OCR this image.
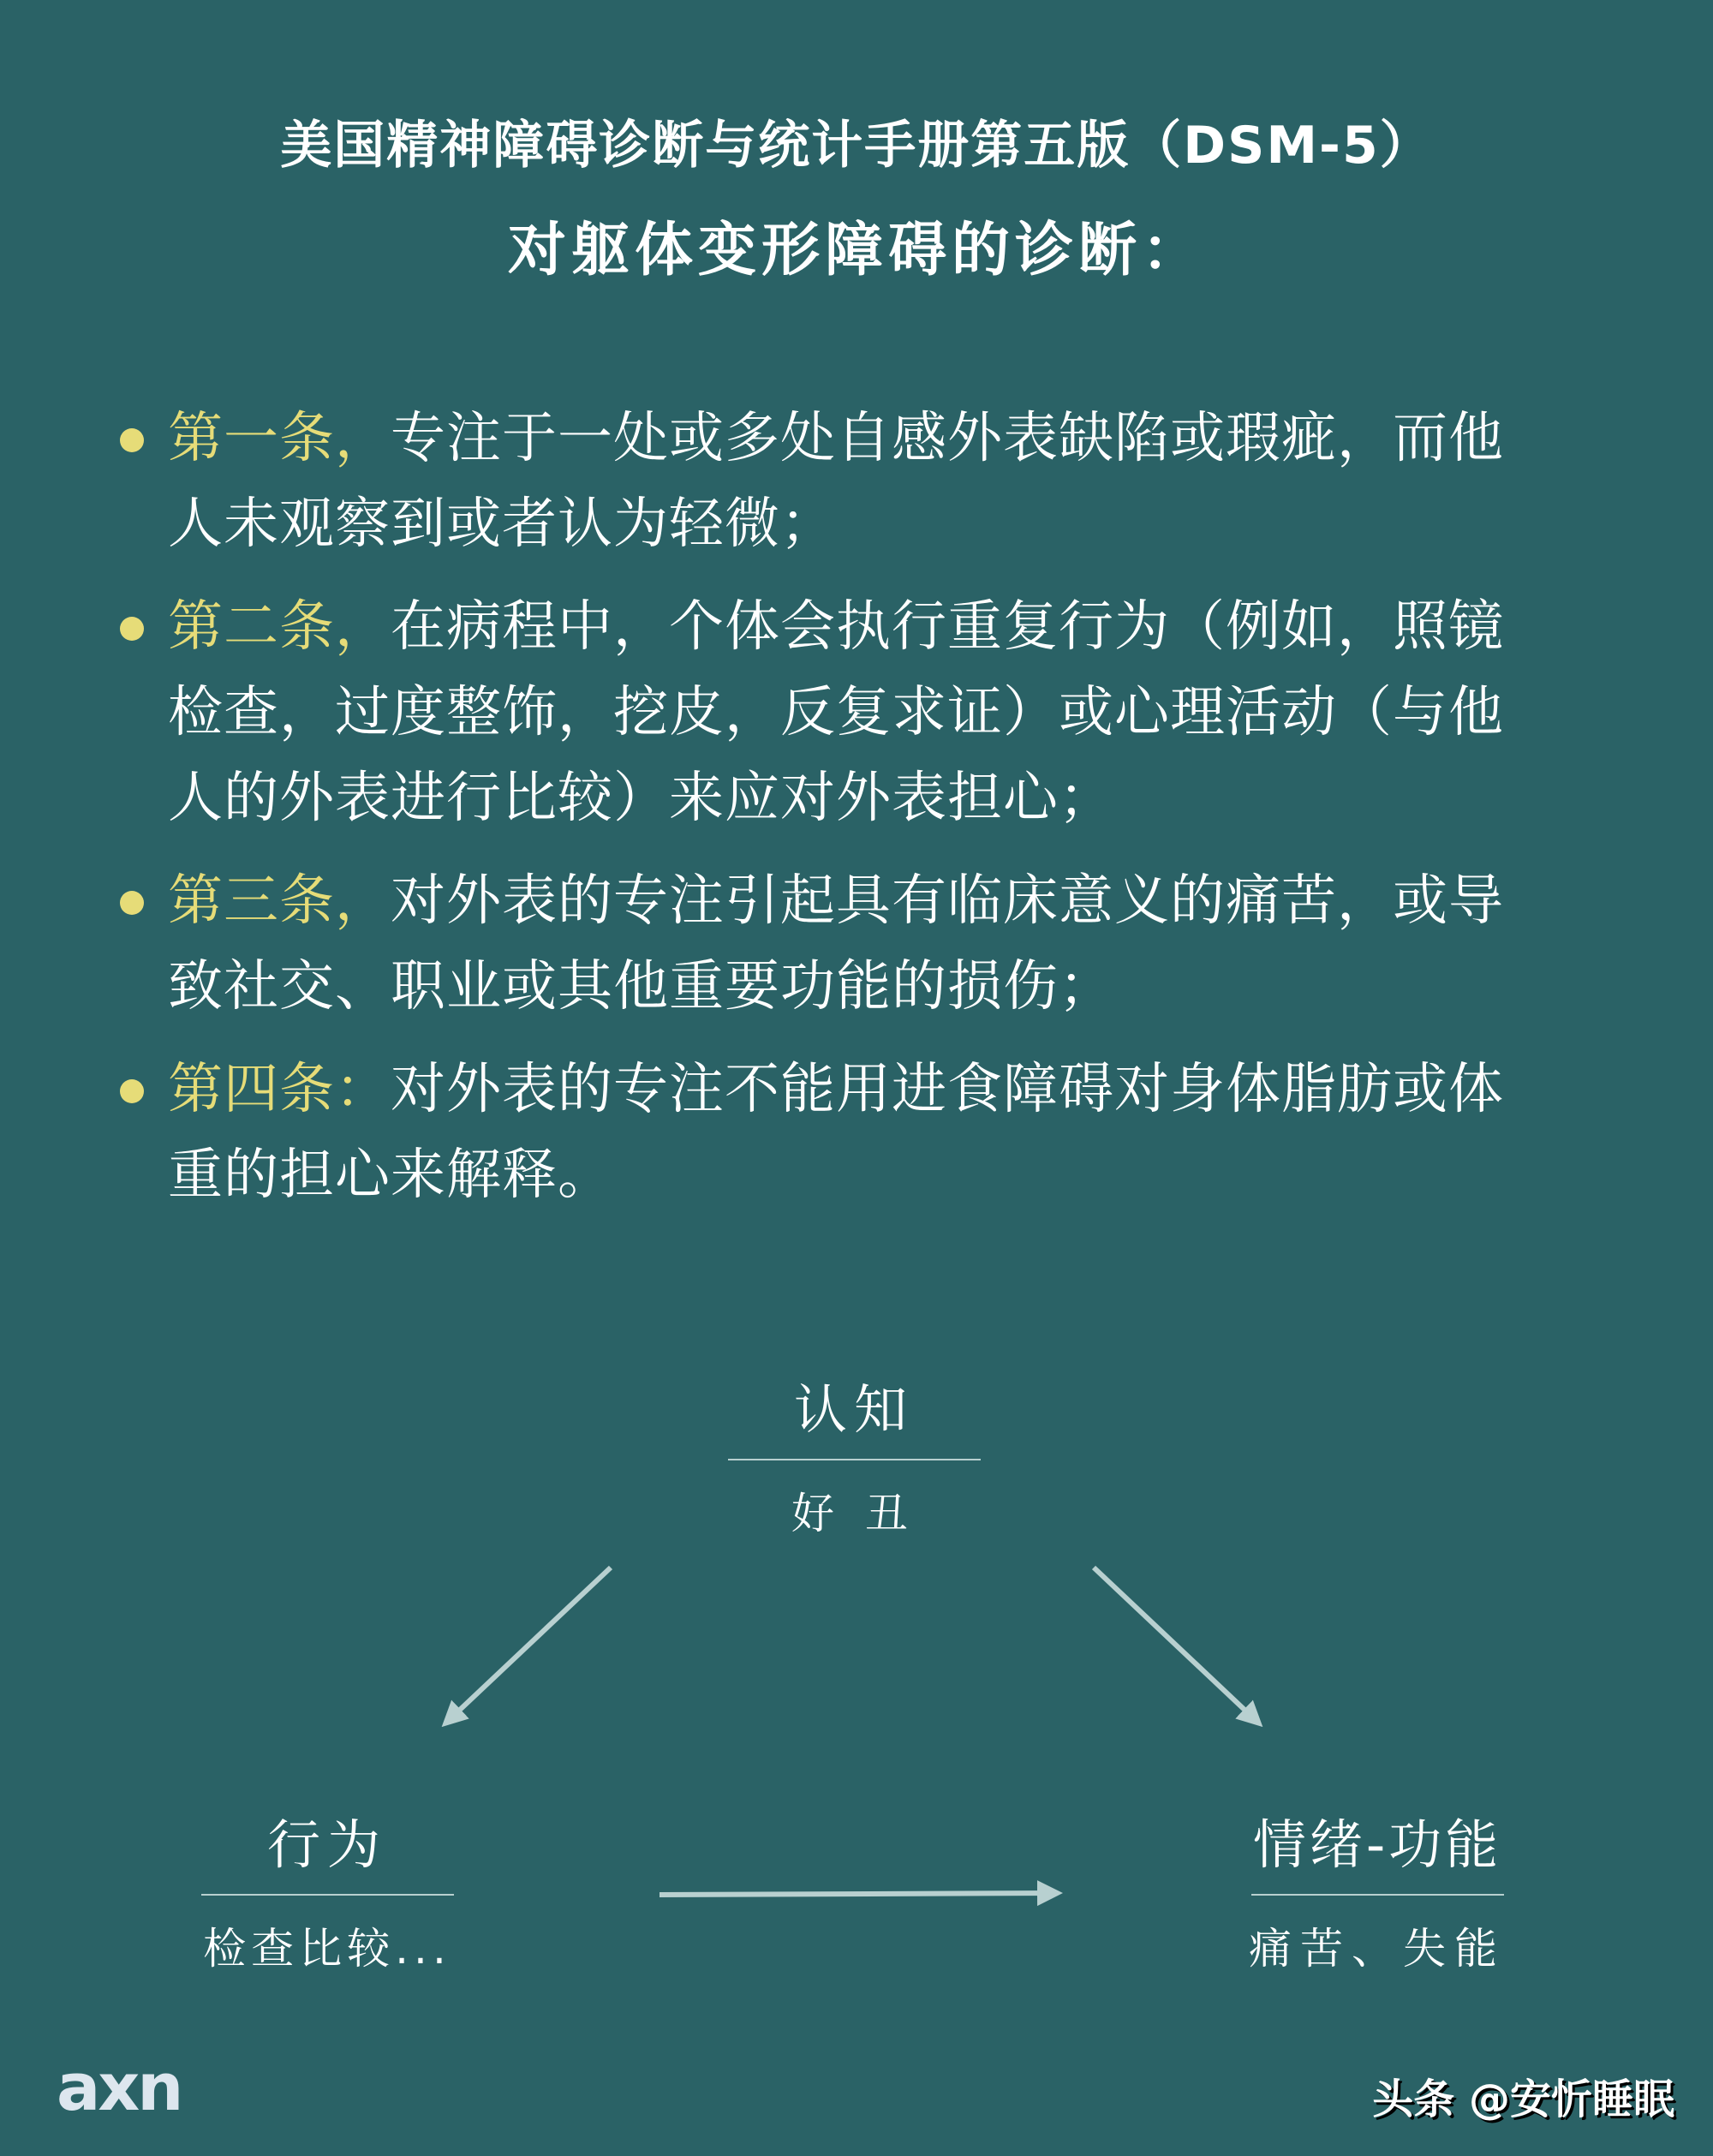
美国精神障碍诊断与统计手册第五版（DSM-5）
对躯体变形障碍的诊断：
第一条，专注于一处或多处自感外表缺陷或瑕疵，而他
人未观察到或者认为轻微；
第二条，在病程中，个体会执行重复行为（例如，照镜
检查，过度整饰，挖皮，反复求证）或心理活动（与他
人的外表进行比较）来应对外表担心；
第三条，对外表的专注引起具有临床意义的痛苦，或导
致社交、职业或其他重要功能的损伤；
第四条：对外表的专注不能用进食障碍对身体脂肪或体
重的担心来解释。
认知
好 丑
行为
检查比较...
情绪-功能
痛苦、失能
axn	头条 @安忻睡眠
